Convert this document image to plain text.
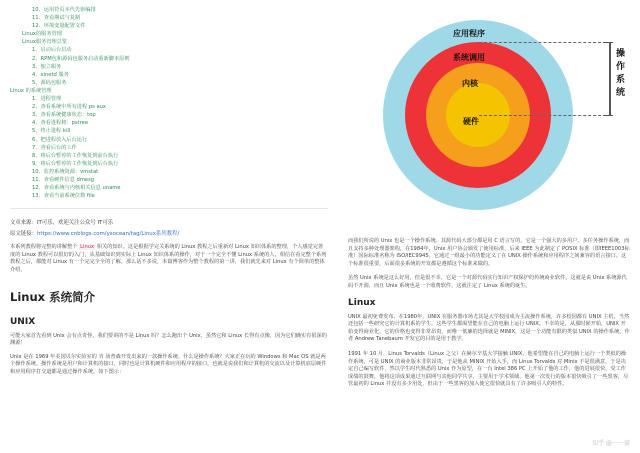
10、运用符页本代先驱编排
11、查看期试与复制
12、环境变量配置文件
Linux的服务管理
Linux服务管理总览
1、启动后台启动
2、RPM包和源码包服务启动重新脚本原则
3、独立服务
4、xinetd 服务
5、源码包服务
Linux 的系统管理
1、进程管理
2、查看系统中所有进程 ps aux
3、查看系统健康状态：top
4、查看进程树：pstree
5、终止进程 kill
6、把进程放入后台运行
7、查看后台的工作
8、将后台暂停的工作恢复到前台执行
9、将后台暂停的工作恢复到后台执行
10、监控系统资源：vmstat
11、查看硬件信息 dmesg
12、查看系统与内核相关信息 uname
13、查看当前系统位数 file
文章来源：IT可乐，欢迎关注公众号 IT可乐
原文链接：https://www.cnblogs.com/ysocean/tag/Linux系列教程/
本系列教程将完整的讲解整个 Linux 相关的知识。这是根据学完关系统的 Linux 教程之后重新对 Linux 知识体系的整理，个人感觉完善度的 Linux 教程可以很好的入门，从基础知识到实际上 Linux 知识体系的操作，对于一个完全不懂 Linux 系统的人，相信在看完整个系列教程之后，都能对 Linux 有一个完完全全的了解。那么话不多说，本篇博客作为整个教程的第一讲，我们就先来对 Linux 有个简单的整体介绍。
Linux 系统简介
UNIX
可能大家首先看到 Unix 会有点奇怪，我们要讲的不是 Linux 吗？怎么跑出个 Unix，虽然它和 Linux 长得有点像，因为它们确实有很深的渊源！
Unix 是在 1969 年美国贝尔实验室的 肯 汤普森开发出来的一款操作系统。什么是操作系统？大家正在玩的 Windows 和 Mac OS 就是两个操作系统。操作系统是用户和计算机的接口，同时也是计算机硬件和应用程序的接口，也就是说我们和计算机的交流以及计算机底层硬件和应用程序打交道都是通过操作系统。如下图示：
应用程序
系统调用
内核
硬件
操作系统
而我们所说的 Unix 也是一个操作系统。其源代码大部分都是用 C 语言写的，它是一个强大的多用户、多任务操作系统，而且支持多种处理器架构，在1984年，Unix 用户协会颁发了使用标准，后来 IEEE 为此制定了 POSIX 标准（即IEEE1003标准）国际标准名称为 ISO/IEC9945。它通过一组最小的功能定义了在 UNIX 操作系统和应用程序之间兼容的语言接口。这个标准很重要，后面很多系统的开发都是遵循这个标准来做的。
虽然 Unix 系统是这么好用，但是很不幸，它是一个对源代码实行知识产权保护的传统商业软件，这就是说 Unix 系统源代码不开源，而且 Unix 系统也是一个收费软件，这就注定了 Linux 系统的诞生。
Linux
UNIX 最初免费发布，在1980年，UNIX 在服务器市场尤其是大学校园成为主流操作系统，许多校园都有 UNIX 主机，当然还包括一些研究它的计算机系的学生。这些学生都渴望能在自己的电脑上运行 UNIX。不幸的是，从那时候开始，UNIX 开始变得商业化，它的价格也变得非常昂贵，而唯一低廉的选择就是 MINIX，这是一个功能有限的类似 UNIX 的操作系统，作者 Andrew Tanebaum 开发它的目的是用于教学。
1991 年 10 月，Linus Torvalds（Linux 之父）在赫尔辛基大学接触 UNIX，他希望能在自己的电脑上运行一个类似的操作系统，可是 UNIX 的商业版本非常昂贵，于是他从 MINIX 开始入手，而 Linus Torvalds 对 Minix 不是很满意，于是决定自己编写软件，然以学生时代熟悉的 Unix 作为原型，在一台 Intel 386 PC 上开始了他的工作，他的进展很快，受工作成绩的鼓舞，他将这项成果通过互联网与其他同学共享，主要用于学术领域，他第一次发行的版本很快吸引了一些黑客，尽管最初的 Linux 并没有多少用处，但由于一些黑客的加入使它很快就具有了许多吸引人的特性。
知乎 @一一豪
